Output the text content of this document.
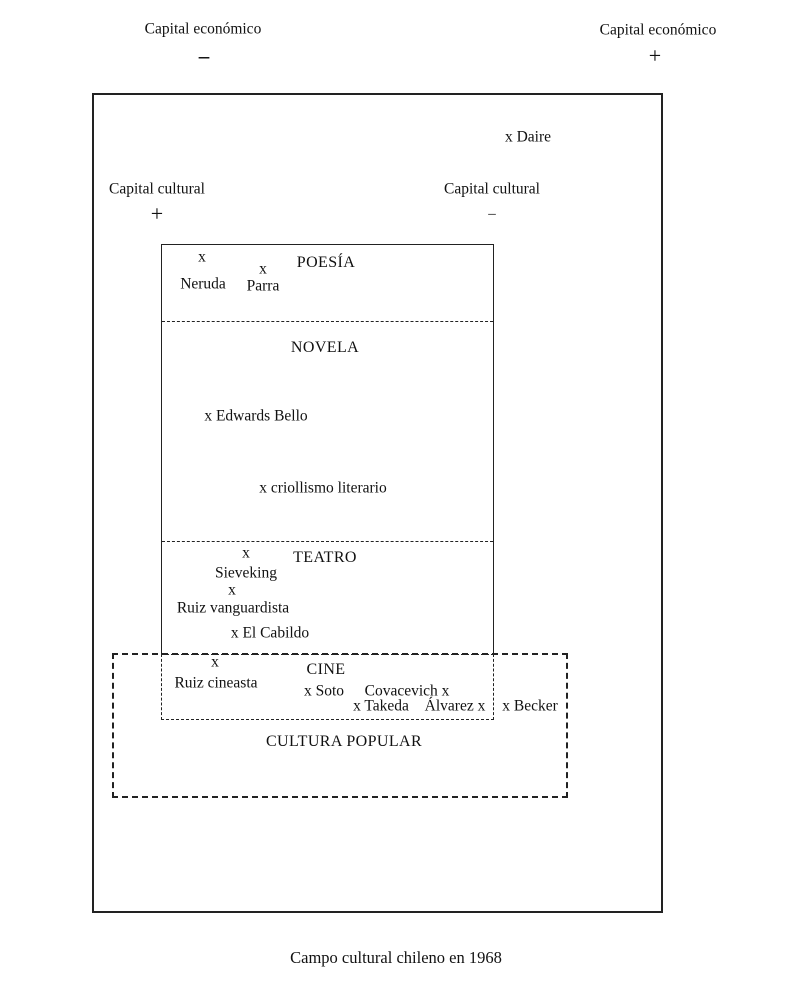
Capital económico
–
Capital económico
+
x Daire
Capital cultural
+
Capital cultural
–
POESÍA
x
Neruda
x
Parra
NOVELA
x Edwards Bello
x criollismo literario
TEATRO
x
Sieveking
x
Ruiz vanguardista
x El Cabildo
CINE
x
Ruiz cineasta	x Soto Covacevich x
x Takeda Álvarez x x Becker
CULTURA POPULAR
Campo cultural chileno en 1968
